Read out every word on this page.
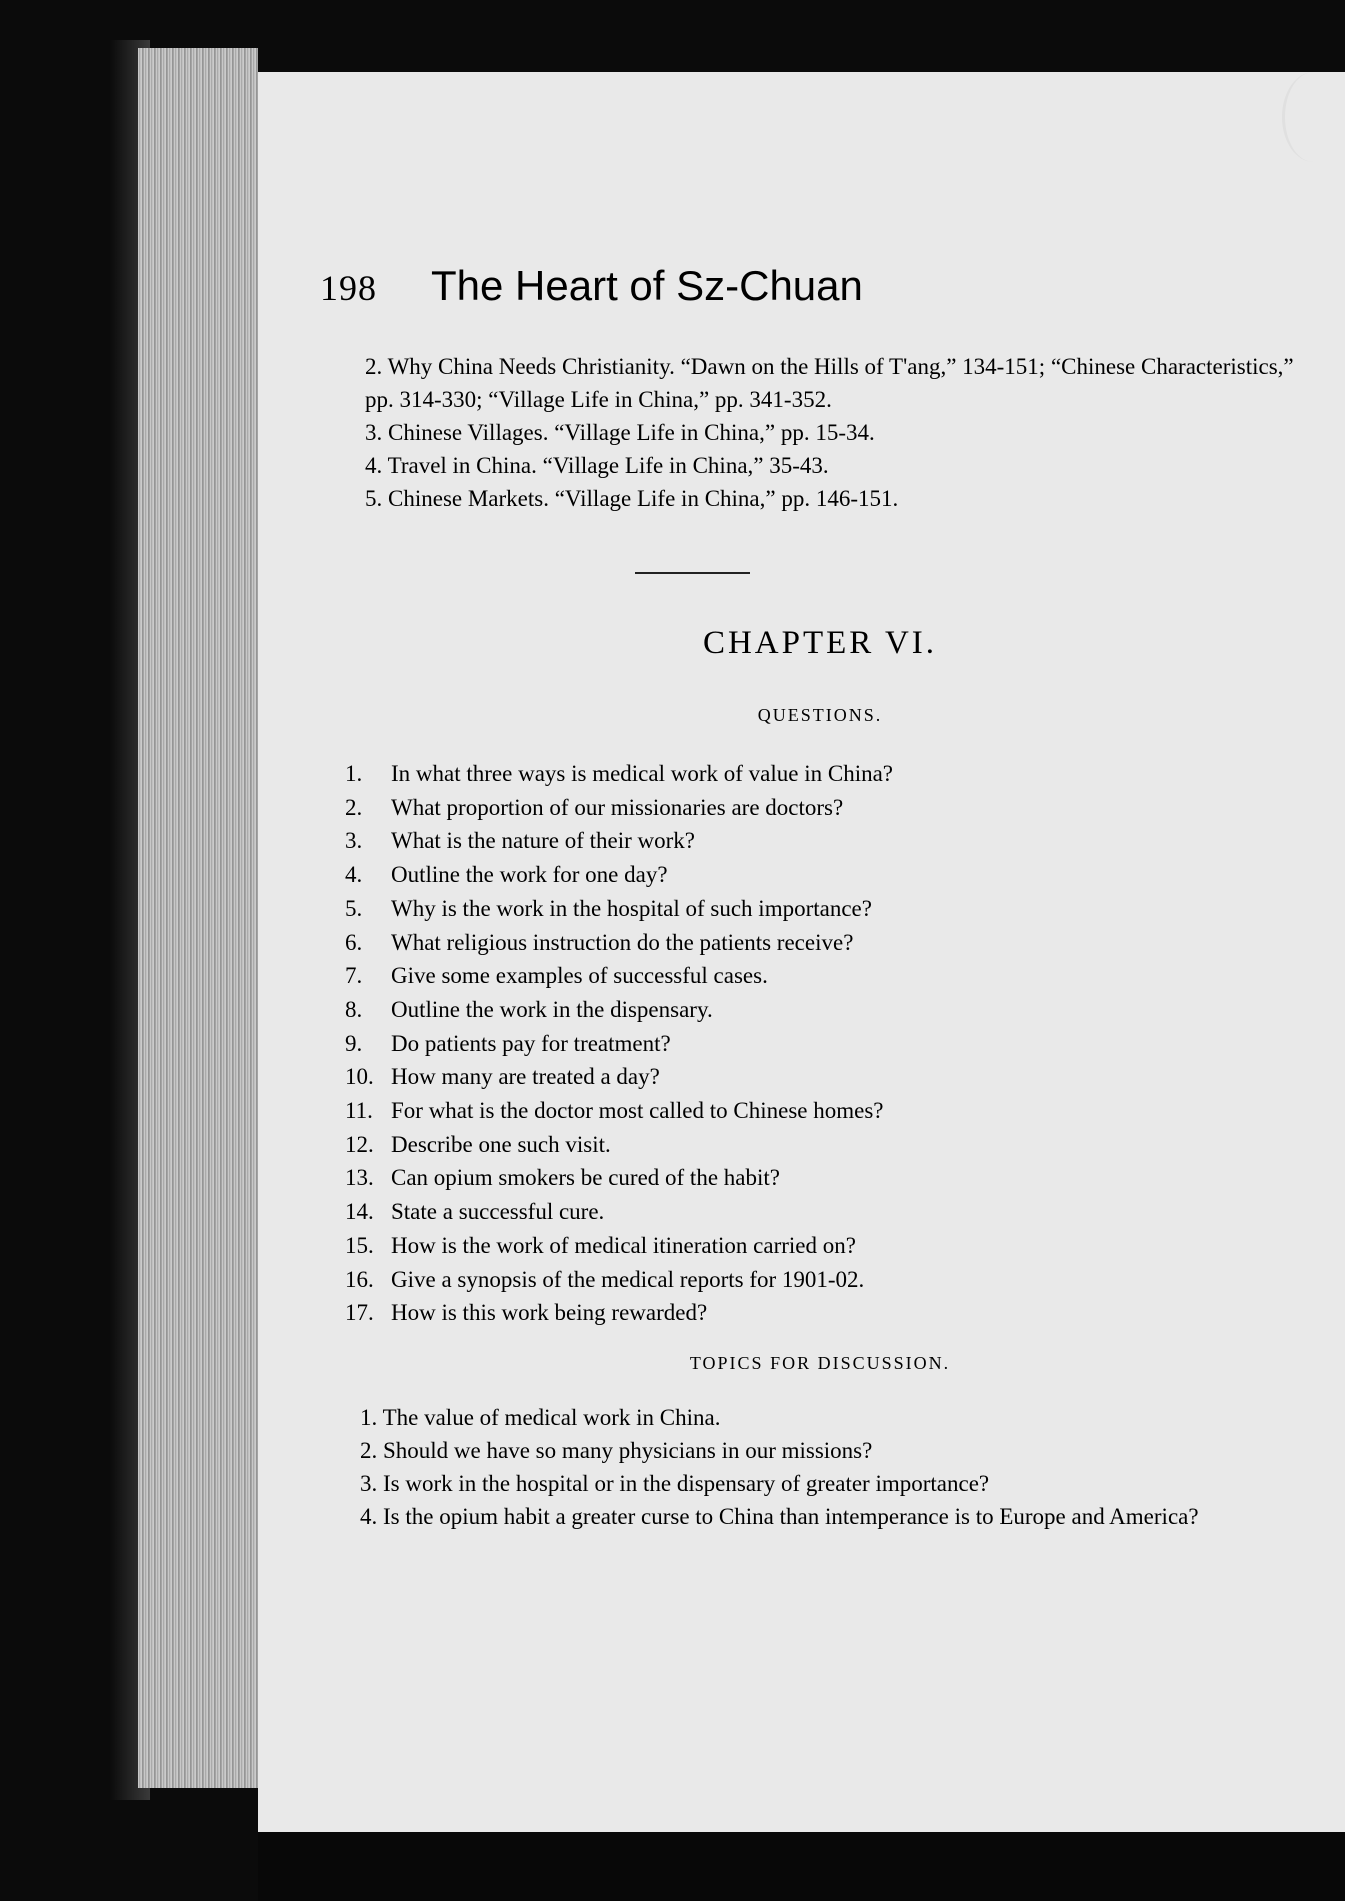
198 The Heart of Sz-Chuan
2. Why China Needs Christianity. “Dawn on the Hills of T'ang,” 134-151; “Chinese Characteristics,” pp. 314-330; “Village Life in China,” pp. 341-352.
3. Chinese Villages. “Village Life in China,” pp. 15-34.
4. Travel in China. “Village Life in China,” 35-43.
5. Chinese Markets. “Village Life in China,” pp. 146-151.
CHAPTER VI.
QUESTIONS.
1. In what three ways is medical work of value in China?
2. What proportion of our missionaries are doctors?
3. What is the nature of their work?
4. Outline the work for one day?
5. Why is the work in the hospital of such importance?
6. What religious instruction do the patients receive?
7. Give some examples of successful cases.
8. Outline the work in the dispensary.
9. Do patients pay for treatment?
10. How many are treated a day?
11. For what is the doctor most called to Chinese homes?
12. Describe one such visit.
13. Can opium smokers be cured of the habit?
14. State a successful cure.
15. How is the work of medical itineration carried on?
16. Give a synopsis of the medical reports for 1901-02.
17. How is this work being rewarded?
TOPICS FOR DISCUSSION.

1. The value of medical work in China.

2. Should we have so many physicians in our missions?

3. Is work in the hospital or in the dispensary of greater importance?

4. Is the opium habit a greater curse to China than intemperance is to Europe and America?
